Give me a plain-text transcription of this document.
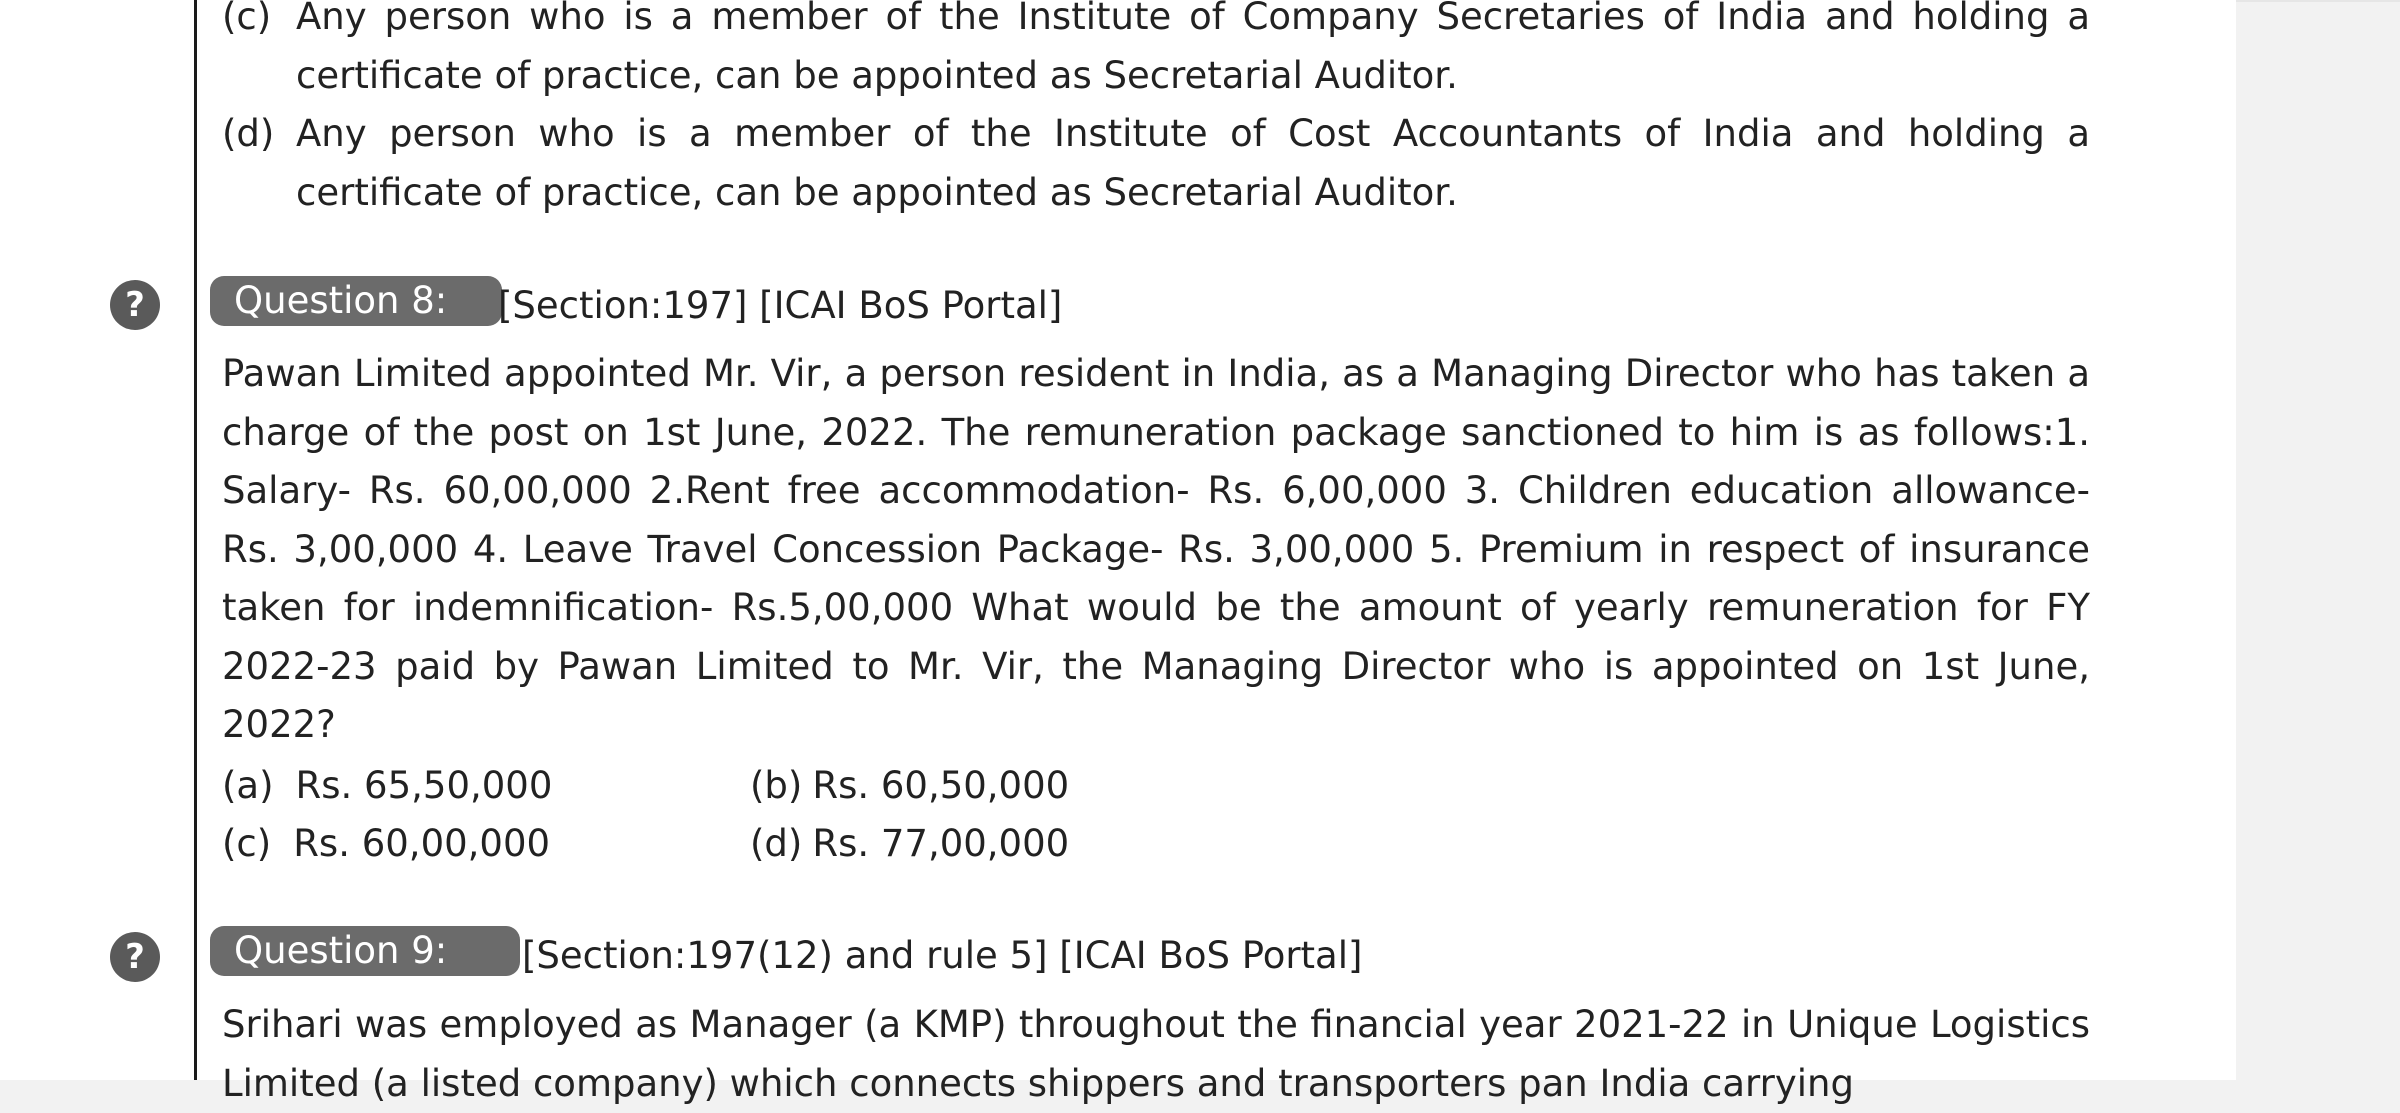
(c) Any person who is a member of the Institute of Company Secretaries of India and holding a certificate of practice, can be appointed as Secretarial Auditor.
(d) Any person who is a member of the Institute of Cost Accountants of India and holding a certificate of practice, can be appointed as Secretarial Auditor.
?	Question 8:	[Section:197] [ICAI BoS Portal]
Pawan Limited appointed Mr. Vir, a person resident in India, as a Managing Director who has taken a charge of the post on 1st June, 2022. The remuneration package sanctioned to him is as follows:1. Salary- Rs. 60,00,000 2.Rent free accommodation- Rs. 6,00,000 3. Children education allowance- Rs. 3,00,000 4. Leave Travel Concession Package- Rs. 3,00,000 5. Premium in respect of insurance taken for indemnification- Rs.5,00,000 What would be the amount of yearly remuneration for FY 2022-23 paid by Pawan Limited to Mr. Vir, the Managing Director who is appointed on 1st June, 2022?
(a) Rs. 65,50,000	(b) Rs. 60,50,000
(c) Rs. 60,00,000	(d) Rs. 77,00,000
?	Question 9:	[Section:197(12) and rule 5] [ICAI BoS Portal]
Srihari was employed as Manager (a KMP) throughout the financial year 2021-22 in Unique Logistics Limited (a listed company) which connects shippers and transporters pan India carrying
